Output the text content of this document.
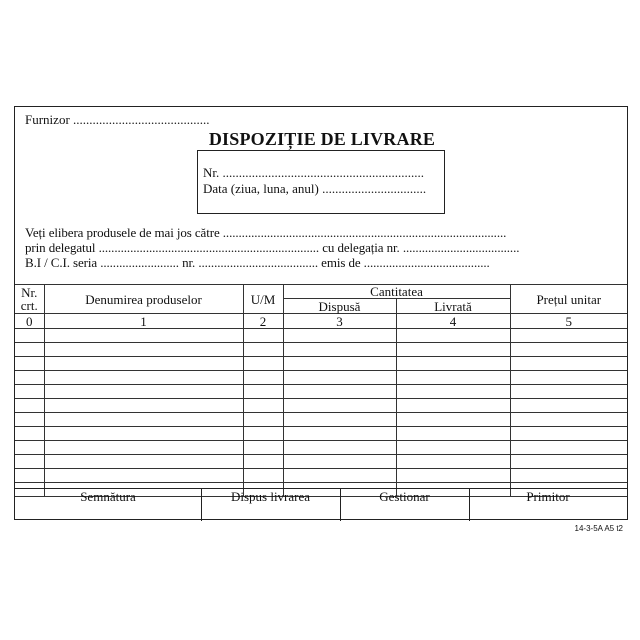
Furnizor ..........................................
DISPOZIȚIE DE LIVRARE
Nr. ..............................................................
Data (ziua, luna, anul) ................................
Veți elibera produsele de mai jos către ..........................................................................................
prin delegatul ...................................................................... cu delegația nr. .....................................
B.I / C.I. seria ......................... nr. ...................................... emis de ........................................
Nr. crt.	Denumirea produselor	U/M	Cantitatea		Prețul unitar
			Dispusă	Livrată	
0	1	2	3	4	5

Semnătura	Dispus livrarea	Gestionar	Primitor
14-3-5A A5 t2
